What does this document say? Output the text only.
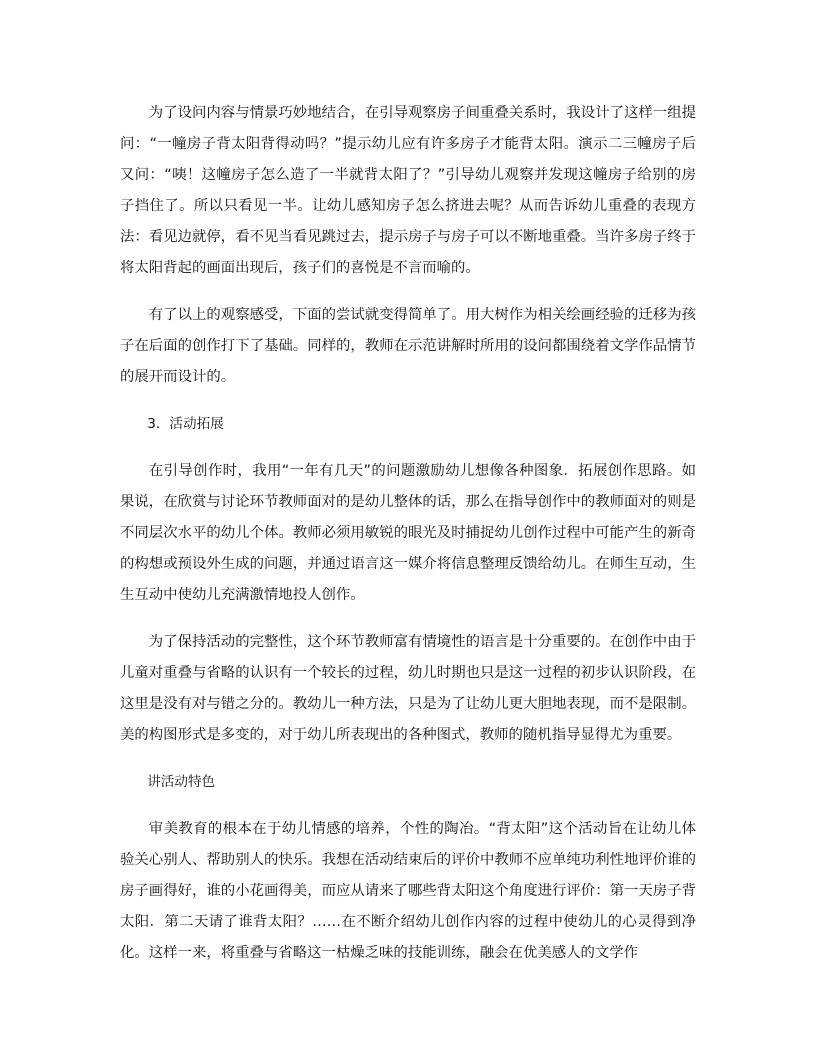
为了设问内容与情景巧妙地结合，在引导观察房子间重叠关系时，我设计了这样一组提问：“一幢房子背太阳背得动吗？”提示幼儿应有许多房子才能背太阳。演示二三幢房子后又问：“咦！这幢房子怎么造了一半就背太阳了？”引导幼儿观察并发现这幢房子给别的房子挡住了。所以只看见一半。让幼儿感知房子怎么挤进去呢？从而告诉幼儿重叠的表现方法：看见边就停，看不见当看见跳过去，提示房子与房子可以不断地重叠。当许多房子终于将太阳背起的画面出现后，孩子们的喜悦是不言而喻的。

有了以上的观察感受，下面的尝试就变得简单了。用大树作为相关绘画经验的迁移为孩子在后面的创作打下了基础。同样的，教师在示范讲解时所用的设问都围绕着文学作品情节的展开而设计的。

3．活动拓展

在引导创作时，我用“一年有几天”的问题激励幼儿想像各种图象．拓展创作思路。如果说，在欣赏与讨论环节教师面对的是幼儿整体的话，那么在指导创作中的教师面对的则是不同层次水平的幼儿个体。教师必须用敏锐的眼光及时捕捉幼儿创作过程中可能产生的新奇的构想或预设外生成的问题，并通过语言这一媒介将信息整理反馈给幼儿。在师生互动，生生互动中使幼儿充满激情地投人创作。

为了保持活动的完整性，这个环节教师富有情境性的语言是十分重要的。在创作中由于儿童对重叠与省略的认识有一个较长的过程，幼儿时期也只是这一过程的初步认识阶段，在这里是没有对与错之分的。教幼儿一种方法，只是为了让幼儿更大胆地表现，而不是限制。美的构图形式是多变的，对于幼儿所表现出的各种图式，教师的随机指导显得尤为重要。

讲活动特色

审美教育的根本在于幼儿情感的培养，个性的陶冶。“背太阳”这个活动旨在让幼儿体验关心别人、帮助别人的快乐。我想在活动结束后的评价中教师不应单纯功利性地评价谁的房子画得好，谁的小花画得美，而应从请来了哪些背太阳这个角度进行评价：第一天房子背太阳．第二天请了谁背太阳？……在不断介绍幼儿创作内容的过程中使幼儿的心灵得到净化。这样一来，将重叠与省略这一枯燥乏味的技能训练，融会在优美感人的文学作
